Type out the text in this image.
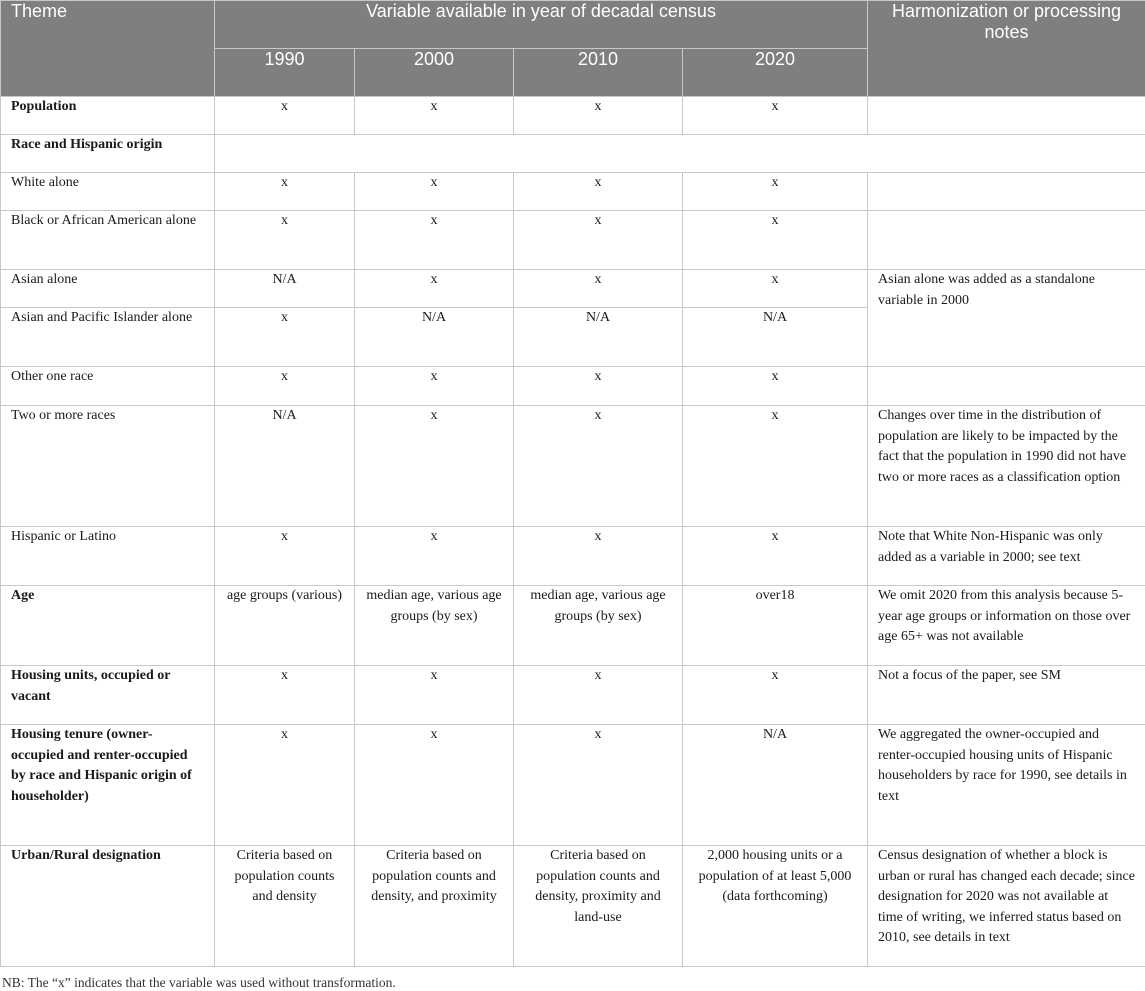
Theme	Variable available in year of decadal census				Harmonization or processing notes
	1990	2000	2010	2020	
Population	x	x	x	x	
Race and Hispanic origin					
White alone	x	x	x	x	
Black or African American alone	x	x	x	x	
Asian alone	N/A	x	x	x	Asian alone was added as a standalone variable in 2000
Asian and Pacific Islander alone	x	N/A	N/A	N/A	
Other one race	x	x	x	x	
Two or more races	N/A	x	x	x	Changes over time in the distribution of population are likely to be impacted by the fact that the population in 1990 did not have two or more races as a classification option
Hispanic or Latino	x	x	x	x	Note that White Non-Hispanic was only added as a variable in 2000; see text
Age	age groups (various)	median age, various age groups (by sex)	median age, various age groups (by sex)	over18	We omit 2020 from this analysis because 5-year age groups or information on those over age 65+ was not available
Housing units, occupied or vacant	x	x	x	x	Not a focus of the paper, see SM
Housing tenure (owner-occupied and renter-occupied by race and Hispanic origin of householder)	x	x	x	N/A	We aggregated the owner-occupied and renter-occupied housing units of Hispanic householders by race for 1990, see details in text
Urban/Rural designation	Criteria based on population counts and density	Criteria based on population counts and density, and proximity	Criteria based on population counts and density, proximity and land-use	2,000 housing units or a population of at least 5,000 (data forthcoming)	Census designation of whether a block is urban or rural has changed each decade; since designation for 2020 was not available at time of writing, we inferred status based on 2010, see details in text
NB: The “x” indicates that the variable was used without transformation.
